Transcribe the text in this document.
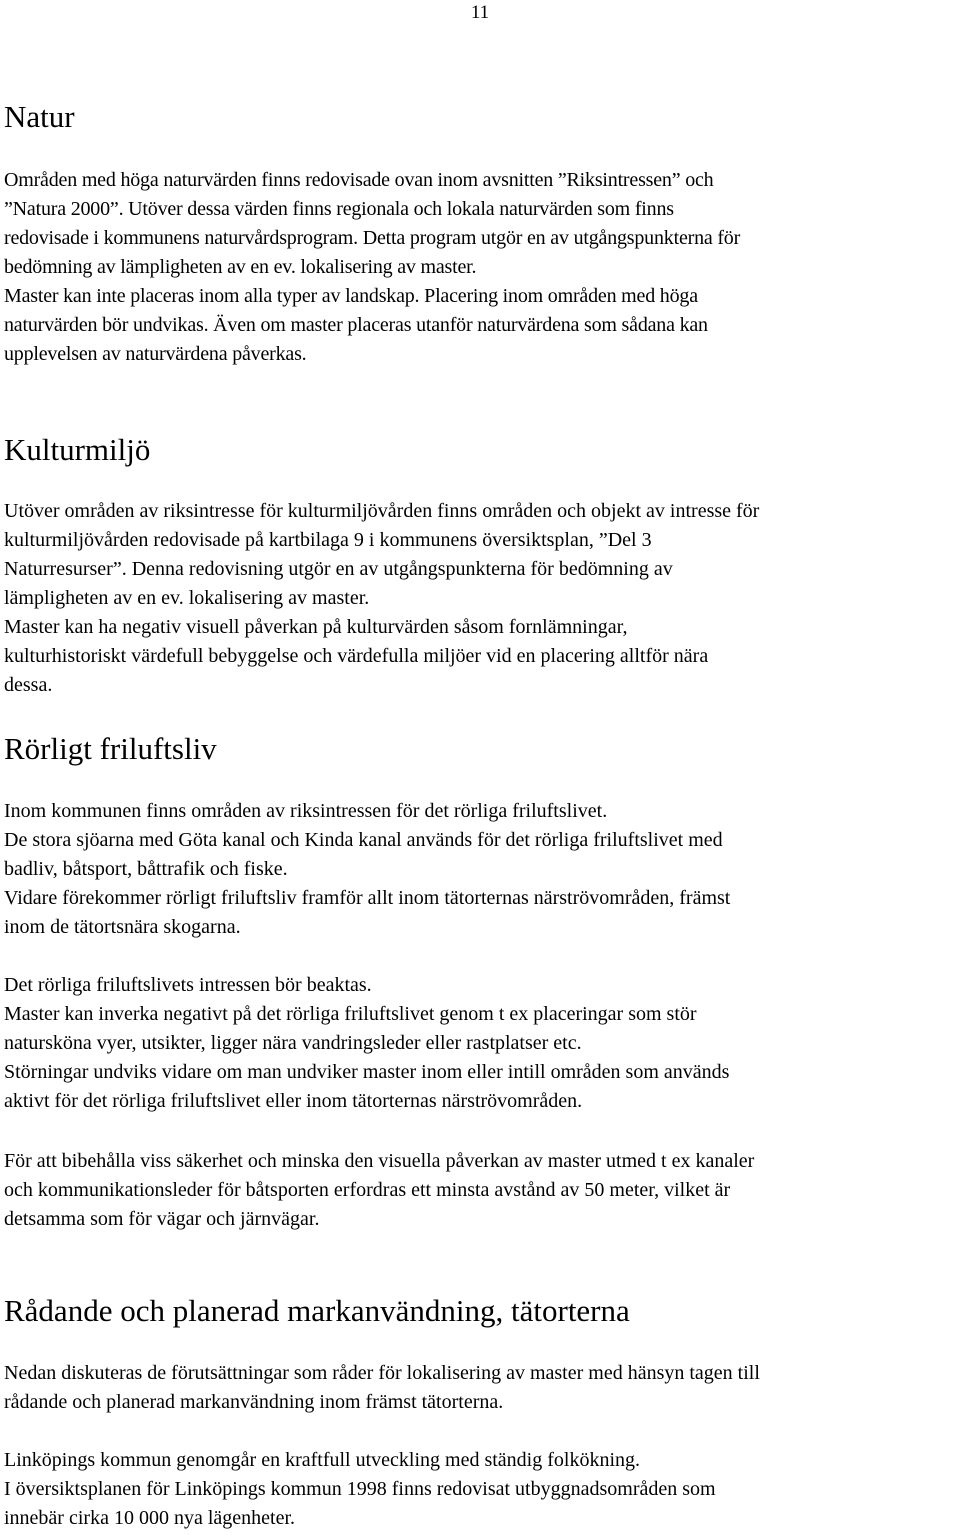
11
Natur

Områden med höga naturvärden finns redovisade ovan inom avsnitten ”Riksintressen” och
”Natura 2000”. Utöver dessa värden finns regionala och lokala naturvärden som finns
redovisade i kommunens naturvårdsprogram. Detta program utgör en av utgångspunkterna för
bedömning av lämpligheten av en ev. lokalisering av master.
Master kan inte placeras inom alla typer av landskap. Placering inom områden med höga
naturvärden bör undvikas. Även om master placeras utanför naturvärdena som sådana kan
upplevelsen av naturvärdena påverkas.

Kulturmiljö

Utöver områden av riksintresse för kulturmiljövården finns områden och objekt av intresse för
kulturmiljövården redovisade på kartbilaga 9 i kommunens översiktsplan, ”Del 3
Naturresurser”. Denna redovisning utgör en av utgångspunkterna för bedömning av
lämpligheten av en ev. lokalisering av master.
Master kan ha negativ visuell påverkan på kulturvärden såsom fornlämningar,
kulturhistoriskt värdefull bebyggelse och värdefulla miljöer vid en placering alltför nära
dessa.

Rörligt friluftsliv

Inom kommunen finns områden av riksintressen för det rörliga friluftslivet.
De stora sjöarna med Göta kanal och Kinda kanal används för det rörliga friluftslivet med
badliv, båtsport, båttrafik och fiske.
Vidare förekommer rörligt friluftsliv framför allt inom tätorternas närströvområden, främst
inom de tätortsnära skogarna.

Det rörliga friluftslivets intressen bör beaktas.
Master kan inverka negativt på det rörliga friluftslivet genom t ex placeringar som stör
natursköna vyer, utsikter, ligger nära vandringsleder eller rastplatser etc.
Störningar undviks vidare om man undviker master inom eller intill områden som används
aktivt för det rörliga friluftslivet eller inom tätorternas närströvområden.

För att bibehålla viss säkerhet och minska den visuella påverkan av master utmed t ex kanaler
och kommunikationsleder för båtsporten erfordras ett minsta avstånd av 50 meter, vilket är
detsamma som för vägar och järnvägar.

Rådande och planerad markanvändning, tätorterna

Nedan diskuteras de förutsättningar som råder för lokalisering av master med hänsyn tagen till
rådande och planerad markanvändning inom främst tätorterna.

Linköpings kommun genomgår en kraftfull utveckling med ständig folkökning.
I översiktsplanen för Linköpings kommun 1998 finns redovisat utbyggnadsområden som
innebär cirka 10 000 nya lägenheter.
